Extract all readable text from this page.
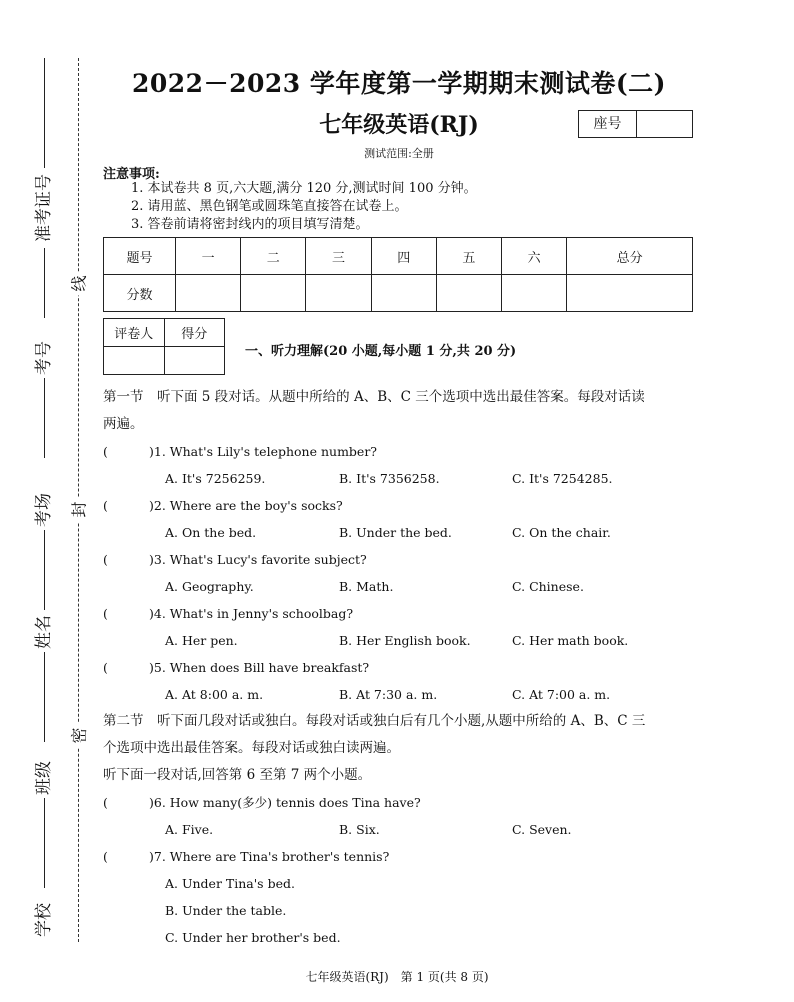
准考证号
考号
考场
姓名
班级
学校
线
封
密
2022－2023 学年度第一学期期末测试卷(二)
七年级英语(RJ)	座号
测试范围:全册
注意事项:
1. 本试卷共 8 页,六大题,满分 120 分,测试时间 100 分钟。
2. 请用蓝、黑色钢笔或圆珠笔直接答在试卷上。
3. 答卷前请将密封线内的项目填写清楚。
题号	一	二	三	四	五	六	总分
分数							
评卷人	得分

一、听力理解(20 小题,每小题 1 分,共 20 分)
第一节　听下面 5 段对话。从题中所给的 A、B、C 三个选项中选出最佳答案。每段对话读
两遍。
(	)1. What's Lily's telephone number?
A. It's 7256259.	B. It's 7356258.	C. It's 7254285.
(	)2. Where are the boy's socks?
A. On the bed.	B. Under the bed.	C. On the chair.
(	)3. What's Lucy's favorite subject?
A. Geography.	B. Math.	C. Chinese.
(	)4. What's in Jenny's schoolbag?
A. Her pen.	B. Her English book.	C. Her math book.
(	)5. When does Bill have breakfast?
A. At 8:00 a. m.	B. At 7:30 a. m.	C. At 7:00 a. m.
第二节　听下面几段对话或独白。每段对话或独白后有几个小题,从题中所给的 A、B、C 三
个选项中选出最佳答案。每段对话或独白读两遍。
听下面一段对话,回答第 6 至第 7 两个小题。
(	)6. How many(多少) tennis does Tina have?
A. Five.	B. Six.	C. Seven.
(	)7. Where are Tina's brother's tennis?
A. Under Tina's bed.
B. Under the table.
C. Under her brother's bed.
七年级英语(RJ)　第 1 页(共 8 页)
